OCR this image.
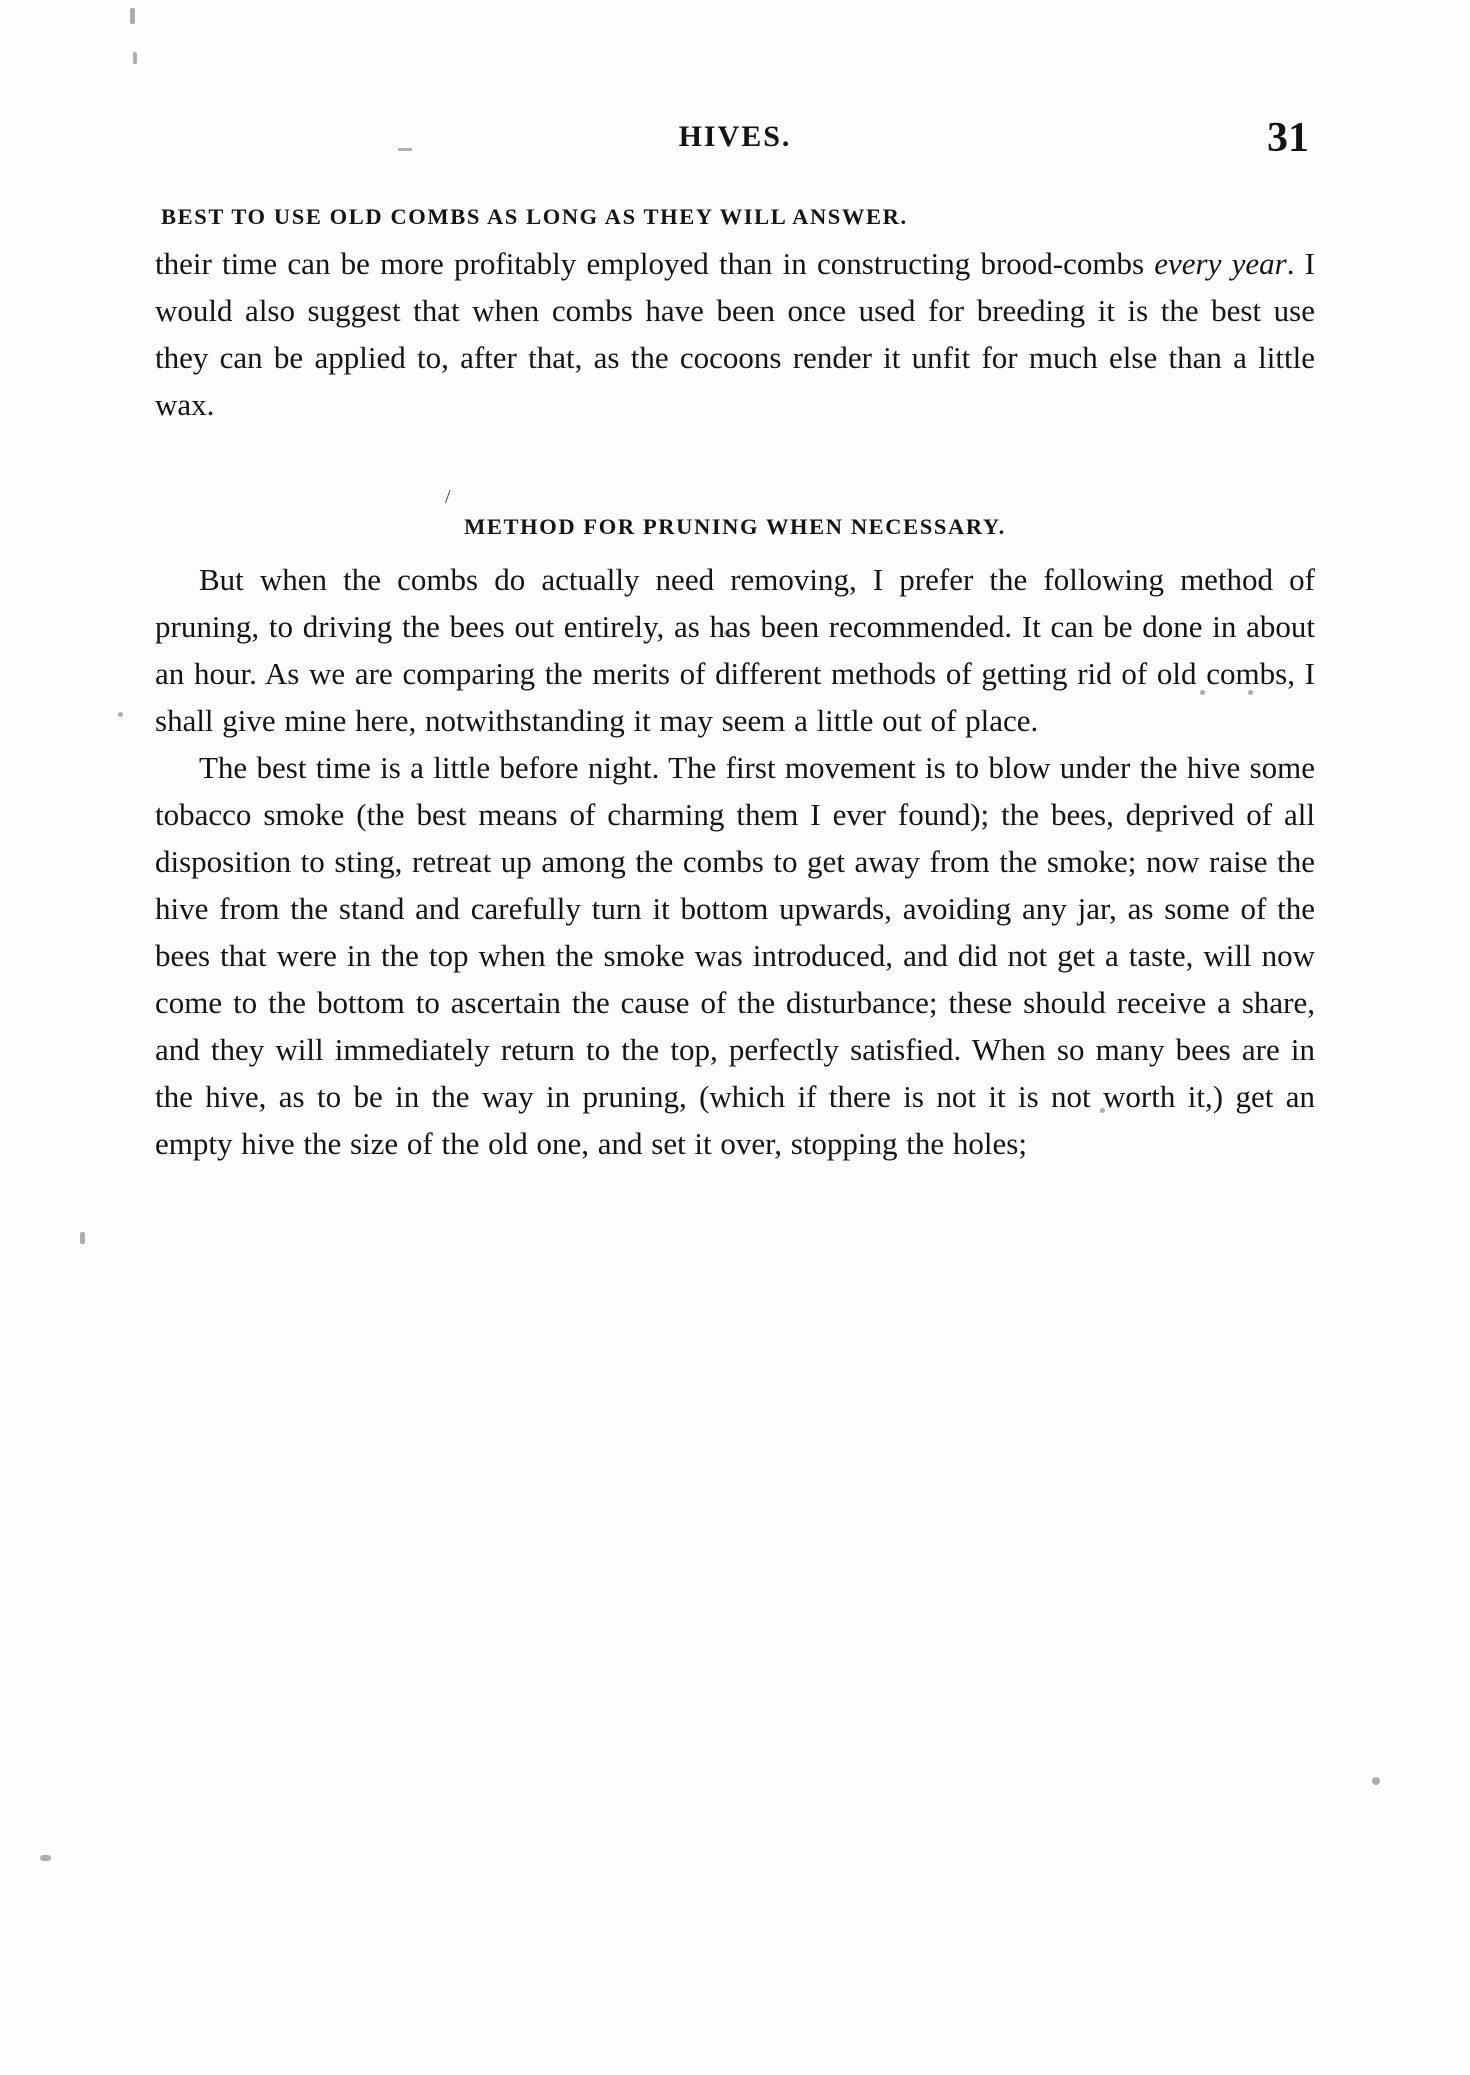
HIVES.	31
BEST TO USE OLD COMBS AS LONG AS THEY WILL ANSWER.

their time can be more profitably employed than in constructing brood-combs every year. I would also suggest that when combs have been once used for breeding it is the best use they can be applied to, after that, as the cocoons render it unfit for much else than a little wax.

/
METHOD FOR PRUNING WHEN NECESSARY.

But when the combs do actually need removing, I prefer the following method of pruning, to driving the bees out entirely, as has been recommended. It can be done in about an hour. As we are comparing the merits of different methods of getting rid of old combs, I shall give mine here, notwithstanding it may seem a little out of place.

The best time is a little before night. The first movement is to blow under the hive some tobacco smoke (the best means of charming them I ever found); the bees, deprived of all disposition to sting, retreat up among the combs to get away from the smoke; now raise the hive from the stand and carefully turn it bottom upwards, avoiding any jar, as some of the bees that were in the top when the smoke was introduced, and did not get a taste, will now come to the bottom to ascertain the cause of the disturbance; these should receive a share, and they will immediately return to the top, perfectly satisfied. When so many bees are in the hive, as to be in the way in pruning, (which if there is not it is not worth it,) get an empty hive the size of the old one, and set it over, stopping the holes;
